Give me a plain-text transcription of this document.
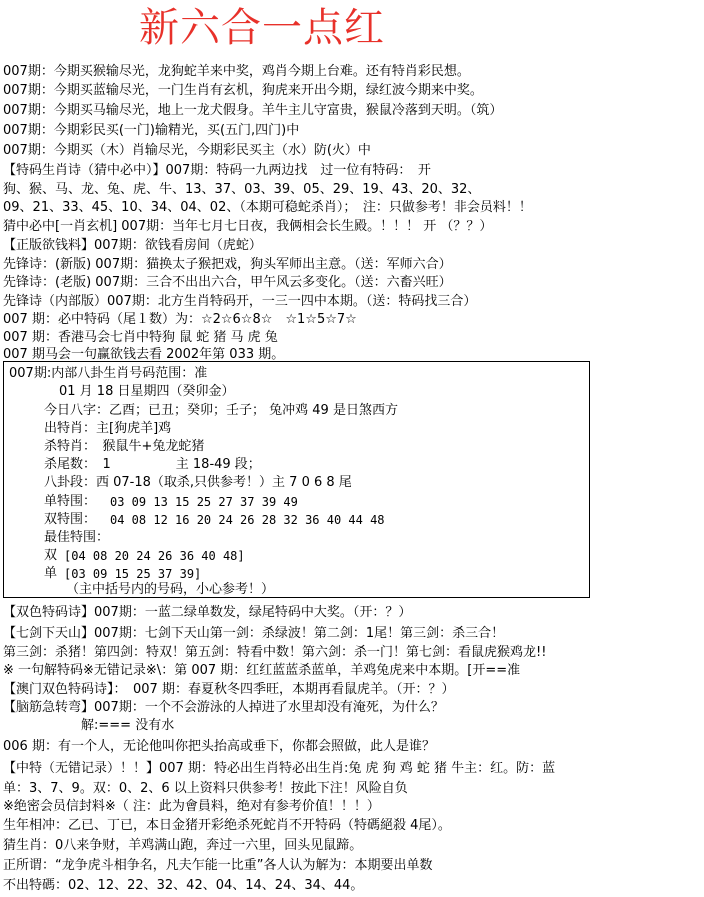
新六合一点红
007期：今期买猴输尽光，龙狗蛇羊来中奖，鸡肖今期上台难。还有特肖彩民想。
007期：今期买蓝输尽光，一门生肖有玄机，狗虎来开出今期，绿红波今期来中奖。
007期：今期买马输尽光，地上一龙犬假身。羊牛主儿守富贵，猴鼠冷落到天明。（筑）
007期：今期彩民买(一门)输精光，买(五门,四门)中
007期：今期买（木）肖输尽光，今期彩民买主（水）防(火）中
【特码生肖诗（猜中必中）】007期：特码一九两边找　过一位有特码：　开
狗、猴、马、龙、兔、虎、牛、13、37、03、39、05、29、19、43、20、32、
09、21、33、45、10、34、04、02、（本期可稳蛇杀肖）；　注：只做参考！非会员料！！
猜中必中[一肖玄机] 007期：当年七月七日夜，我俩相会长生殿。！！！ 开 （？？）
【正版欲钱料】007期：欲钱看房间（虎蛇）
先锋诗：(新版) 007期：猫换太子猴把戏，狗头军师出主意。（送：军师六合）
先锋诗：(老版) 007期：三合不出出六合，甲午风云多变化。（送：六畜兴旺）
先锋诗（内部版）007期：北方生肖特码开，一三一四中本期。（送：特码找三合）
007 期：必中特码（尾１数）为：☆2☆6☆8☆　☆1☆5☆7☆
007 期：香港马会七肖中特狗 鼠 蛇 猪 马 虎 兔
007 期马会一句赢欲钱去看 2002年第 033 期。
007期:内部八卦生肖号码范围：准
01 月 18 日星期四（癸卯金）
今日八字：乙酉；已丑；癸卯；壬子； 兔冲鸡 49 是日煞西方
出特肖：主[狗虎羊]鸡
杀特肖：　猴鼠牛+兔龙蛇猪
杀尾数：　1　　　　　主 18-49 段；
八卦段：西 07-18（取杀,只供参考！）主 7 0 6 8 尾
单特围： 03 09 13 15 25 27 37 39 49
双特围： 04 08 12 16 20 24 26 28 32 36 40 44 48
最佳特围：
双 [04 08 20 24 26 36 40 48]
单 [03 09 15 25 37 39]
（主中括号内的号码，小心参考！）
【双色特码诗】007期：一蓝二绿单数发，绿尾特码中大奖。（开：？）
【七剑下天山】007期：七剑下天山第一剑：杀绿波！第二剑：1尾！第三剑：杀三合！
第三剑：杀猪！第四剑：特双！第五剑：特看中数！第六剑：杀一门！第七剑：看鼠虎猴鸡龙!!
※ 一句解特码※无错记录※\：第 007 期：红红蓝蓝杀蓝单，羊鸡兔虎来中本期。[开==准
【澳门双色特码诗】：　007 期：春夏秋冬四季旺，本期再看鼠虎羊。（开：？）
【脑筋急转弯】007期：一个不会游泳的人掉进了水里却没有淹死，为什么？
　　　　　　解:=== 没有水
006 期：有一个人，无论他叫你把头抬高或垂下，你都会照做，此人是谁？
【中特（无错记录）！！】007 期：特必出生肖特必出生肖:兔 虎 狗 鸡 蛇 猪 牛主：红。防：蓝
单：3、7、9。双：0、2、6 以上资料只供参考！按此下注！风险自负
※绝密会员信封料※（ 注：此为會員料，绝对有参考价值！！！）
生年相冲：乙已、丁已，本日金猪开彩绝杀死蛇肖不开特码（特碼絕殺 4尾）。
猜生肖：0八来争财，羊鸡满山跑，奔过一六里，回头见鼠蹄。
正所谓：“龙争虎斗相争名，凡夫乍能一比重”各人认为解为：本期要出单数
不出特碼：02、12、22、32、42、04、14、24、34、44。
